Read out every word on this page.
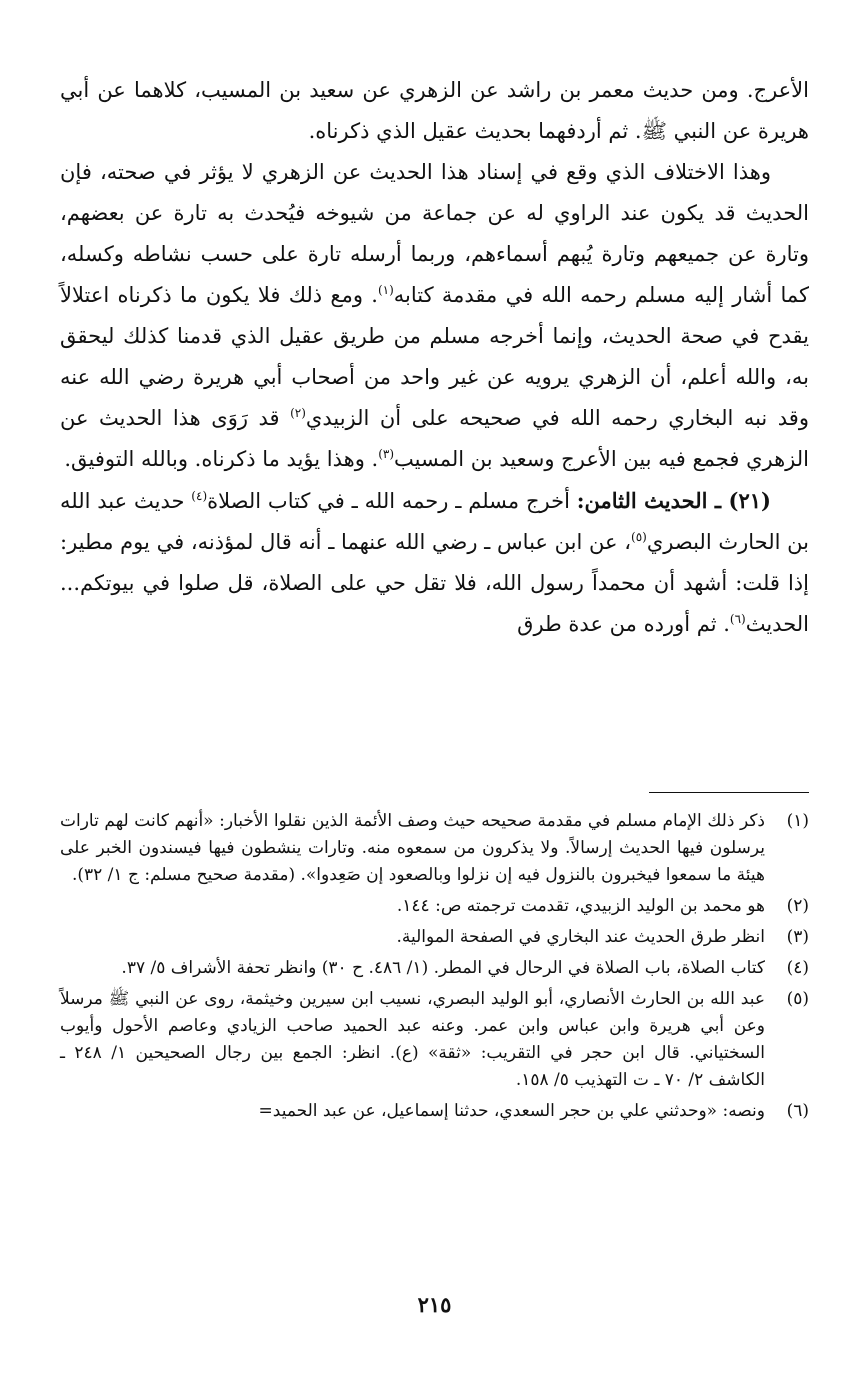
الأعرج. ومن حديث معمر بن راشد عن الزهري عن سعيد بن المسيب، كلاهما عن أبي هريرة عن النبي ﷺ. ثم أردفهما بحديث عقيل الذي ذكرناه.

وهذا الاختلاف الذي وقع في إسناد هذا الحديث عن الزهري لا يؤثر في صحته، فإن الحديث قد يكون عند الراوي له عن جماعة من شيوخه فيُحدث به تارة عن بعضهم، وتارة عن جميعهم وتارة يُبهم أسماءهم، وربما أرسله تارة على حسب نشاطه وكسله، كما أشار إليه مسلم رحمه الله في مقدمة كتابه$^{(١)}$. ومع ذلك فلا يكون ما ذكرناه اعتلالاً يقدح في صحة الحديث، وإنما أخرجه مسلم من طريق عقيل الذي قدمنا كذلك ليحقق به، والله أعلم، أن الزهري يرويه عن غير واحد من أصحاب أبي هريرة رضي الله عنه وقد نبه البخاري رحمه الله في صحيحه على أن الزبيدي$^{(٢)}$ قد رَوَى هذا الحديث عن الزهري فجمع فيه بين الأعرج وسعيد بن المسيب$^{(٣)}$. وهذا يؤيد ما ذكرناه. وبالله التوفيق.

(٢١) ـ الحديث الثامن: أخرج مسلم ـ رحمه الله ـ في كتاب الصلاة$^{(٤)}$ حديث عبد الله بن الحارث البصري$^{(٥)}$، عن ابن عباس ـ رضي الله عنهما ـ أنه قال لمؤذنه، في يوم مطير: إذا قلت: أشهد أن محمداً رسول الله، فلا تقل حي على الصلاة، قل صلوا في بيوتكم... الحديث$^{(٦)}$. ثم أورده من عدة طرق

(١)
ذكر ذلك الإمام مسلم في مقدمة صحيحه حيث وصف الأئمة الذين نقلوا الأخبار: «أنهم كانت لهم تارات يرسلون فيها الحديث إرسالاً. ولا يذكرون من سمعوه منه. وتارات ينشطون فيها فيسندون الخبر على هيئة ما سمعوا فيخبرون بالنزول فيه إن نزلوا وبالصعود إن صَعِدوا». (مقدمة صحيح مسلم: ج ١/ ٣٢).
(٢)
هو محمد بن الوليد الزبيدي، تقدمت ترجمته ص: ١٤٤.
(٣)
انظر طرق الحديث عند البخاري في الصفحة الموالية.
(٤)
كتاب الصلاة، باب الصلاة في الرحال في المطر. (١/ ٤٨٦. ح ٣٠) وانظر تحفة الأشراف ٥/ ٣٧.
(٥)
عبد الله بن الحارث الأنصاري، أبو الوليد البصري، نسيب ابن سيرين وخيثمة، روى عن النبي ﷺ مرسلاً وعن أبي هريرة وابن عباس وابن عمر. وعنه عبد الحميد صاحب الزيادي وعاصم الأحول وأيوب السختياني. قال ابن حجر في التقريب: «ثقة» (ع). انظر: الجمع بين رجال الصحيحين ١/ ٢٤٨ ـ الكاشف ٢/ ٧٠ ـ ت التهذيب ٥/ ١٥٨.
(٦)
ونصه: «وحدثني علي بن حجر السعدي، حدثنا إسماعيل، عن عبد الحميد=
٢١٥
